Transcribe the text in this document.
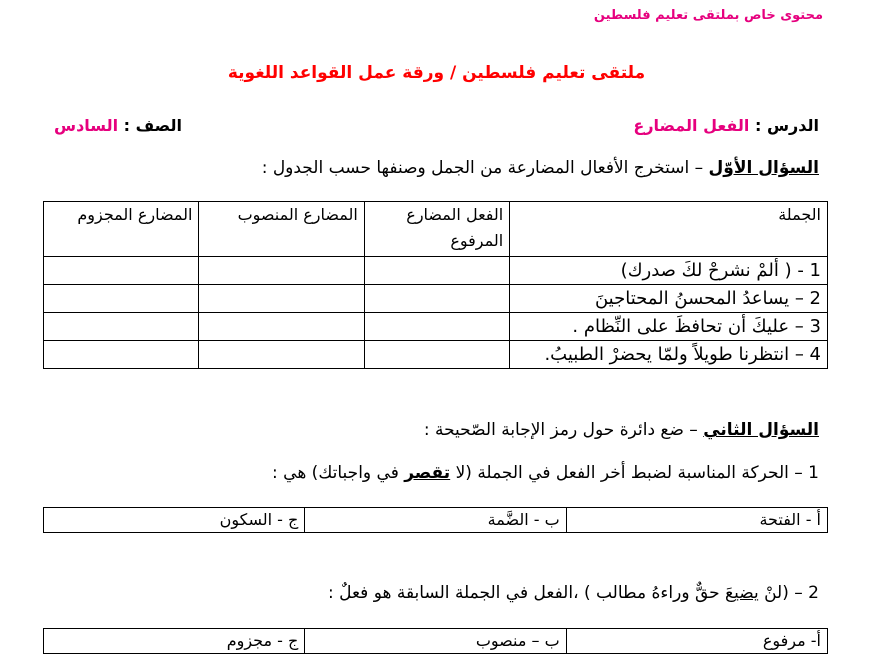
محتوى خاص بملتقى تعليم فلسطين
ملتقى تعليم فلسطين / ورقة عمل القواعد اللغوية
الدرس : الفعل المضارع
الصف : السادس
السؤال الأوّل – استخرج الأفعال المضارعة من الجمل وصنفها حسب الجدول :
الجملة	الفعل المضارع المرفوع	المضارع المنصوب	المضارع المجزوم
1 - ( ألمْ نشرحْ لكَ صدرك)			
2 – يساعدُ المحسنُ المحتاجينَ			
3 – عليكَ أن تحافظَ على النِّظام .			
4 – انتظرنا طويلاً ولمّا يحضرْ الطبيبُ.			
السؤال الثاني – ضع دائرة حول رمز الإجابة الصّحيحة :
1 – الحركة المناسبة لضبط أخر الفعل في الجملة (لا تقصر في واجباتك) هي :
أ - الفتحة	ب - الضَّمة	ج - السكون
2 – (لنْ يضيعَ حقٌّ وراءهُ مطالب ) ،الفعل في الجملة السابقة هو فعلٌ :
أ- مرفوع	ب – منصوب	ج - مجزوم
